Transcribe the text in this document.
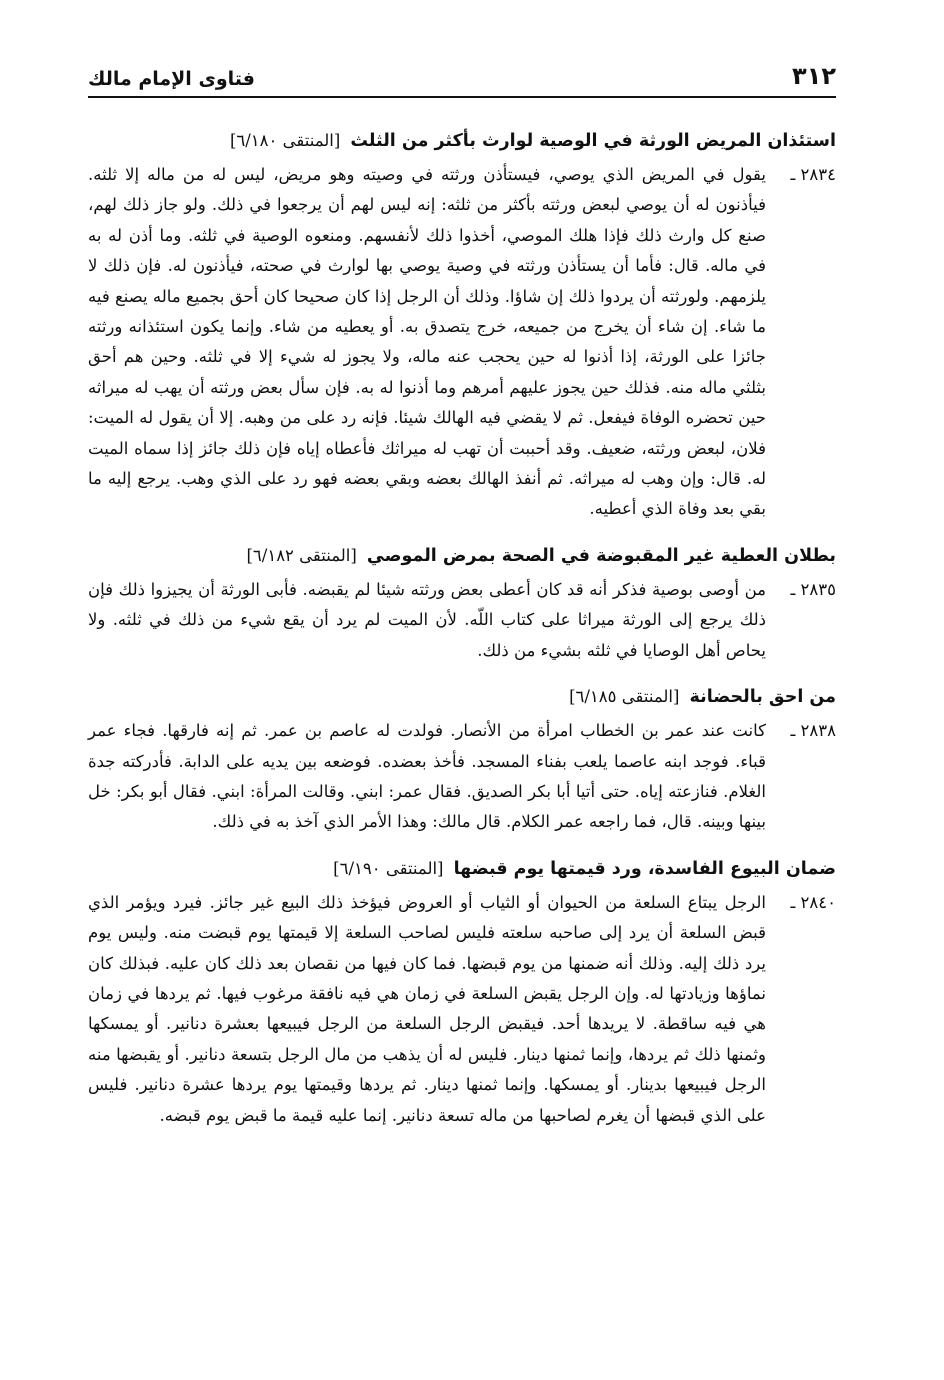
٣١٢
فتاوى الإمام مالك
استئذان المريض الورثة في الوصية لوارث بأكثر من الثلث [المنتقى ٦/١٨٠]
٢٨٣٤ ـ
يقول في المريض الذي يوصي، فيستأذن ورثته في وصيته وهو مريض، ليس له من ماله إلا ثلثه. فيأذنون له أن يوصي لبعض ورثته بأكثر من ثلثه: إنه ليس لهم أن يرجعوا في ذلك. ولو جاز ذلك لهم، صنع كل وارث ذلك فإذا هلك الموصي، أخذوا ذلك لأنفسهم. ومنعوه الوصية في ثلثه. وما أذن له به في ماله. قال: فأما أن يستأذن ورثته في وصية يوصي بها لوارث في صحته، فيأذنون له. فإن ذلك لا يلزمهم. ولورثته أن يردوا ذلك إن شاؤا. وذلك أن الرجل إذا كان صحيحا كان أحق بجميع ماله يصنع فيه ما شاء. إن شاء أن يخرج من جميعه، خرج يتصدق به. أو يعطيه من شاء. وإنما يكون استئذانه ورثته جائزا على الورثة، إذا أذنوا له حين يحجب عنه ماله، ولا يجوز له شيء إلا في ثلثه. وحين هم أحق بثلثي ماله منه. فذلك حين يجوز عليهم أمرهم وما أذنوا له به. فإن سأل بعض ورثته أن يهب له ميراثه حين تحضره الوفاة فيفعل. ثم لا يقضي فيه الهالك شيئا. فإنه رد على من وهبه. إلا أن يقول له الميت: فلان، لبعض ورثته، ضعيف. وقد أحببت أن تهب له ميراثك فأعطاه إياه فإن ذلك جائز إذا سماه الميت له. قال: وإن وهب له ميراثه. ثم أنفذ الهالك بعضه وبقي بعضه فهو رد على الذي وهب. يرجع إليه ما بقي بعد وفاة الذي أعطيه.
بطلان العطية غير المقبوضة في الصحة بمرض الموصي [المنتقى ٦/١٨٢]
٢٨٣٥ ـ
من أوصى بوصية فذكر أنه قد كان أعطى بعض ورثته شيئا لم يقبضه. فأبى الورثة أن يجيزوا ذلك فإن ذلك يرجع إلى الورثة ميراثا على كتاب اللّه. لأن الميت لم يرد أن يقع شيء من ذلك في ثلثه. ولا يحاص أهل الوصايا في ثلثه بشيء من ذلك.
من احق بالحضانة [المنتقى ٦/١٨٥]
٢٨٣٨ ـ
كانت عند عمر بن الخطاب امرأة من الأنصار. فولدت له عاصم بن عمر. ثم إنه فارقها. فجاء عمر قباء. فوجد ابنه عاصما يلعب بفناء المسجد. فأخذ بعضده. فوضعه بين يديه على الدابة. فأدركته جدة الغلام. فنازعته إياه. حتى أتيا أبا بكر الصديق. فقال عمر: ابني. وقالت المرأة: ابني. فقال أبو بكر: خل بينها وبينه. قال، فما راجعه عمر الكلام. قال مالك: وهذا الأمر الذي آخذ به في ذلك.
ضمان البيوع الفاسدة، ورد قيمتها يوم قبضها [المنتقى ٦/١٩٠]
٢٨٤٠ ـ
الرجل يبتاع السلعة من الحيوان أو الثياب أو العروض فيؤخذ ذلك البيع غير جائز. فيرد ويؤمر الذي قبض السلعة أن يرد إلى صاحبه سلعته فليس لصاحب السلعة إلا قيمتها يوم قبضت منه. وليس يوم يرد ذلك إليه. وذلك أنه ضمنها من يوم قبضها. فما كان فيها من نقصان بعد ذلك كان عليه. فبذلك كان نماؤها وزيادتها له. وإن الرجل يقبض السلعة في زمان هي فيه نافقة مرغوب فيها. ثم يردها في زمان هي فيه ساقطة. لا يريدها أحد. فيقبض الرجل السلعة من الرجل فيبيعها بعشرة دنانير. أو يمسكها وثمنها ذلك ثم يردها، وإنما ثمنها دينار. فليس له أن يذهب من مال الرجل بتسعة دنانير. أو يقبضها منه الرجل فيبيعها بدينار. أو يمسكها. وإنما ثمنها دينار. ثم يردها وقيمتها يوم يردها عشرة دنانير. فليس على الذي قبضها أن يغرم لصاحبها من ماله تسعة دنانير. إنما عليه قيمة ما قبض يوم قبضه.
